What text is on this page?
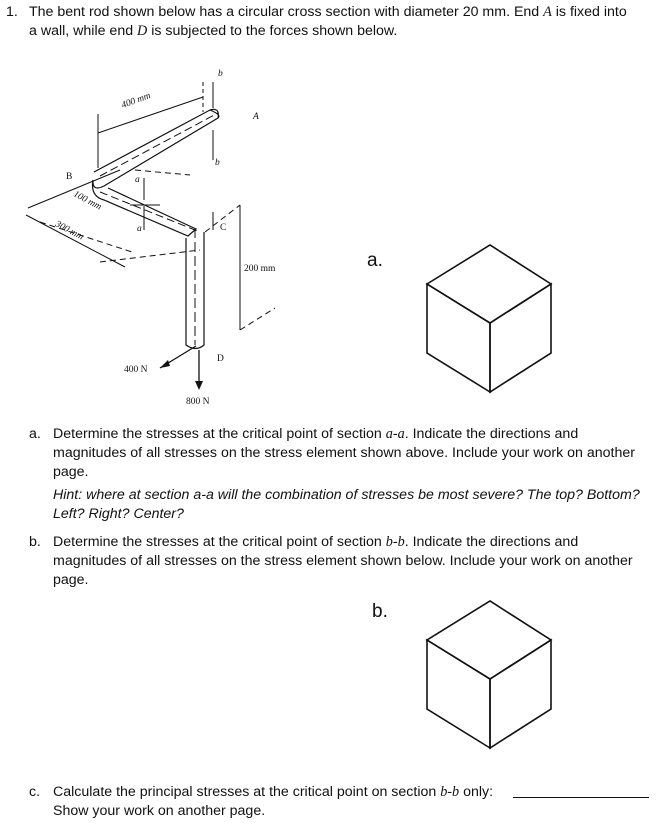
1. The bent rod shown below has a circular cross section with diameter 20 mm. End A is fixed into
a wall, while end D is subjected to the forces shown below.
b
400 mm
A
b
B	a
100 mm
a	C
300 mm
200 mm
D
400 N
800 N
a.
a. Determine the stresses at the critical point of section a-a. Indicate the directions and
magnitudes of all stresses on the stress element shown above. Include your work on another
page.
Hint: where at section a-a will the combination of stresses be most severe? The top? Bottom?
Left? Right? Center?
b. Determine the stresses at the critical point of section b-b. Indicate the directions and
magnitudes of all stresses on the stress element shown below. Include your work on another
page.
b.
c. Calculate the principal stresses at the critical point on section b-b only:
Show your work on another page.
